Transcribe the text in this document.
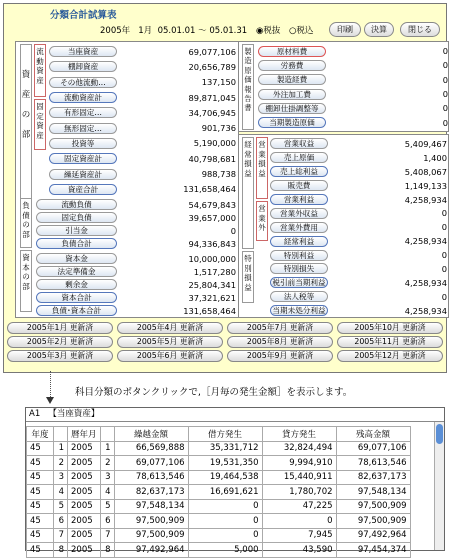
分類合計試算表
2005年 1月 05.01.01 ～ 05.01.31 ◉税抜 ○税込	印刷	決算	閉じる
資産の部
流動資産
固定資産
負債の部
資本の部
当座資産	69,077,106
棚卸資産	20,656,789
その他流動…	137,150
流動資産計	89,871,045
有形固定…	34,706,945
無形固定…	901,736
投資等	5,190,000
固定資産計	40,798,681
繰延資産計	988,738
資産合計	131,658,464
流動負債	54,679,843
固定負債	39,657,000
引当金	0
負債合計	94,336,843
資本金	10,000,000
法定準備金	1,517,280
剰余金	25,804,341
資本合計	37,321,621
負債･資本合計	131,658,464
製造原価報告書
原材料費	0
労務費	0
製造経費	0
外注加工費	0
棚卸仕掛調整等	0
当期製造原価	0
経常損益
営業損益
営業外
特別損益
営業収益	5,409,467
売上原価	1,400
売上総利益	5,408,067
販売費	1,149,133
営業利益	4,258,934
営業外収益	0
営業外費用	0
経常利益	4,258,934
特別利益	0
特別損失	0
税引前当期利益	4,258,934
法人税等	0
当期未処分利益	4,258,934
2005年1月 更新済	2005年4月 更新済	2005年7月 更新済	2005年10月 更新済
2005年2月 更新済	2005年5月 更新済	2005年8月 更新済	2005年11月 更新済
2005年3月 更新済	2005年6月 更新済	2005年9月 更新済	2005年12月 更新済
科目分類のボタンクリックで,［月毎の発生金額］を表示します。
A1 【当座資産】
年度		暦年月		繰越金額	借方発生	貸方発生	残高金額
45	1	2005	1	66,569,888	35,331,712	32,824,494	69,077,106
45	2	2005	2	69,077,106	19,531,350	9,994,910	78,613,546
45	3	2005	3	78,613,546	19,464,538	15,440,911	82,637,173
45	4	2005	4	82,637,173	16,691,621	1,780,702	97,548,134
45	5	2005	5	97,548,134	0	47,225	97,500,909
45	6	2005	6	97,500,909	0	0	97,500,909
45	7	2005	7	97,500,909	0	7,945	97,492,964
45	8	2005	8	97,492,964	5,000	43,590	97,454,374
